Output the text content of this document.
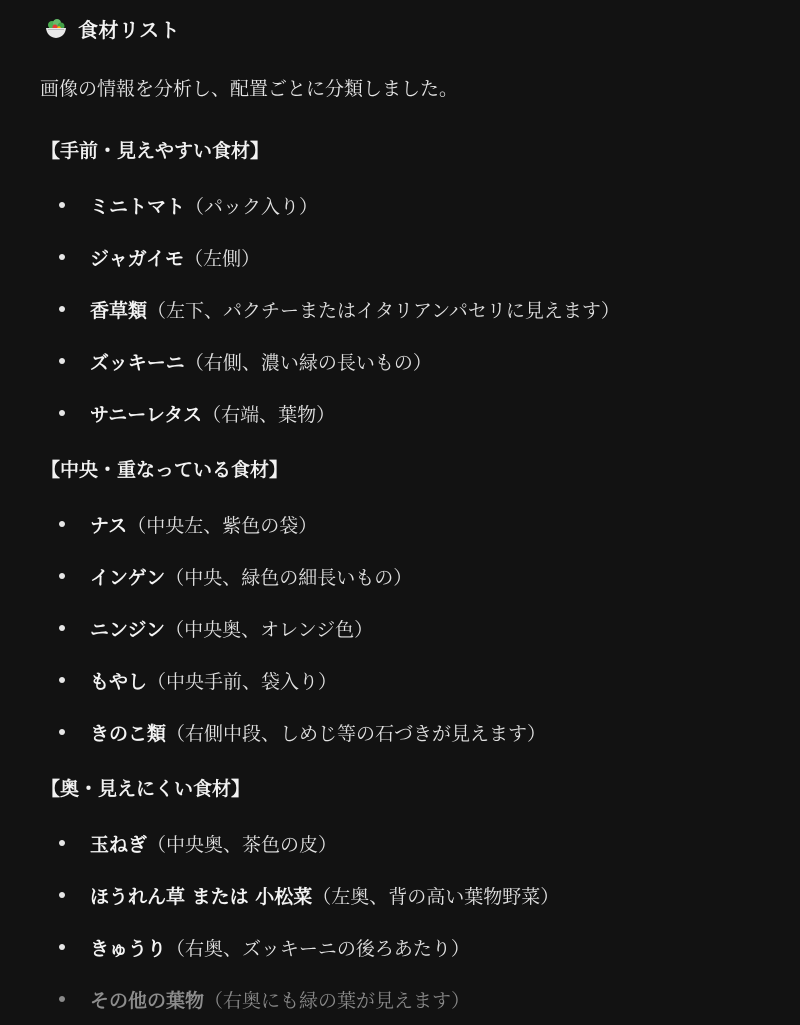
食材リスト
画像の情報を分析し、配置ごとに分類しました。
【手前・見えやすい食材】
ミニトマト （パック入り）
ジャガイモ （左側）
香草類 （左下、パクチーまたはイタリアンパセリに見えます）
ズッキーニ （右側、濃い緑の長いもの）
サニーレタス （右端、葉物）
【中央・重なっている食材】
ナス （中央左、紫色の袋）
インゲン （中央、緑色の細長いもの）
ニンジン （中央奥、オレンジ色）
もやし （中央手前、袋入り）
きのこ類 （右側中段、しめじ等の石づきが見えます）
【奥・見えにくい食材】
玉ねぎ （中央奥、茶色の皮）
ほうれん草 または 小松菜 （左奥、背の高い葉物野菜）
きゅうり （右奥、ズッキーニの後ろあたり）
その他の葉物 （右奥にも緑の葉が見えます）
